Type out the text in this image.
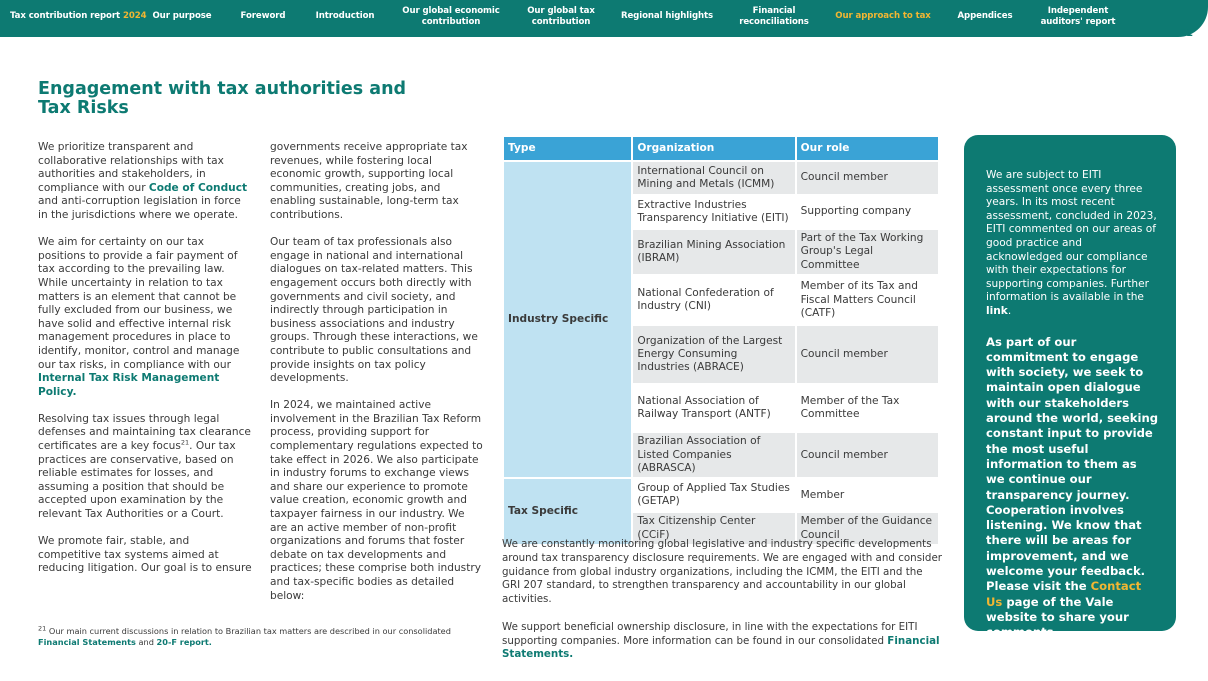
Tax contribution report 2024 Our purpose	Foreword	Introduction
Our global economic
contribution
Our global tax
contribution
Regional highlights
Financial
reconciliations
Our approach to tax	Appendices
Independent
auditors' report
31
Engagement with tax authorities and Tax Risks

We prioritize transparent and collaborative relationships with tax authorities and stakeholders, in compliance with our Code of Conduct and anti-corruption legislation in force in the jurisdictions where we operate.

We aim for certainty on our tax positions to provide a fair payment of tax according to the prevailing law. While uncertainty in relation to tax matters is an element that cannot be fully excluded from our business, we have solid and effective internal risk management procedures in place to identify, monitor, control and manage our tax risks, in compliance with our Internal Tax Risk Management Policy.

Resolving tax issues through legal defenses and maintaining tax clearance certificates are a key focus$^{21}$. Our tax practices are conservative, based on reliable estimates for losses, and assuming a position that should be accepted upon examination by the relevant Tax Authorities or a Court.

We promote fair, stable, and competitive tax systems aimed at reducing litigation. Our goal is to ensure

governments receive appropriate tax revenues, while fostering local economic growth, supporting local communities, creating jobs, and enabling sustainable, long-term tax contributions.

Our team of tax professionals also engage in national and international dialogues on tax-related matters. This engagement occurs both directly with governments and civil society, and indirectly through participation in business associations and industry groups. Through these interactions, we contribute to public consultations and provide insights on tax policy developments.

In 2024, we maintained active involvement in the Brazilian Tax Reform process, providing support for complementary regulations expected to take effect in 2026. We also participate in industry forums to exchange views and share our experience to promote value creation, economic growth and taxpayer fairness in our industry. We are an active member of non-profit organizations and forums that foster debate on tax developments and practices; these comprise both industry and tax-specific bodies as detailed below:

$^{21}$ Our main current discussions in relation to Brazilian tax matters are described in our consolidated Financial Statements and 20-F report.
Type	Organization	Our role
Industry Specific	International Council on Mining and Metals (ICMM)	Council member
	Extractive Industries Transparency Initiative (EITI)	Supporting company
	Brazilian Mining Association (IBRAM)	Part of the Tax Working Group's Legal Committee
	National Confederation of Industry (CNI)	Member of its Tax and Fiscal Matters Council (CATF)
	Organization of the Largest Energy Consuming Industries (ABRACE)	Council member
	National Association of Railway Transport (ANTF)	Member of the Tax Committee
	Brazilian Association of Listed Companies (ABRASCA)	Council member
Tax Specific	Group of Applied Tax Studies (GETAP)	Member
	Tax Citizenship Center (CCiF)	Member of the Guidance Council

We are constantly monitoring global legislative and industry specific developments around tax transparency disclosure requirements. We are engaged with and consider guidance from global industry organizations, including the ICMM, the EITI and the GRI 207 standard, to strengthen transparency and accountability in our global activities.

We support beneficial ownership disclosure, in line with the expectations for EITI supporting companies. More information can be found in our consolidated Financial Statements.

We are subject to EITI assessment once every three years. In its most recent assessment, concluded in 2023, EITI commented on our areas of good practice and acknowledged our compliance with their expectations for supporting companies. Further information is available in the link.

As part of our commitment to engage with society, we seek to maintain open dialogue with our stakeholders around the world, seeking constant input to provide the most useful information to them as we continue our transparency journey. Cooperation involves listening. We know that there will be areas for improvement, and we welcome your feedback. Please visit the Contact Us page of the Vale website to share your comments.
